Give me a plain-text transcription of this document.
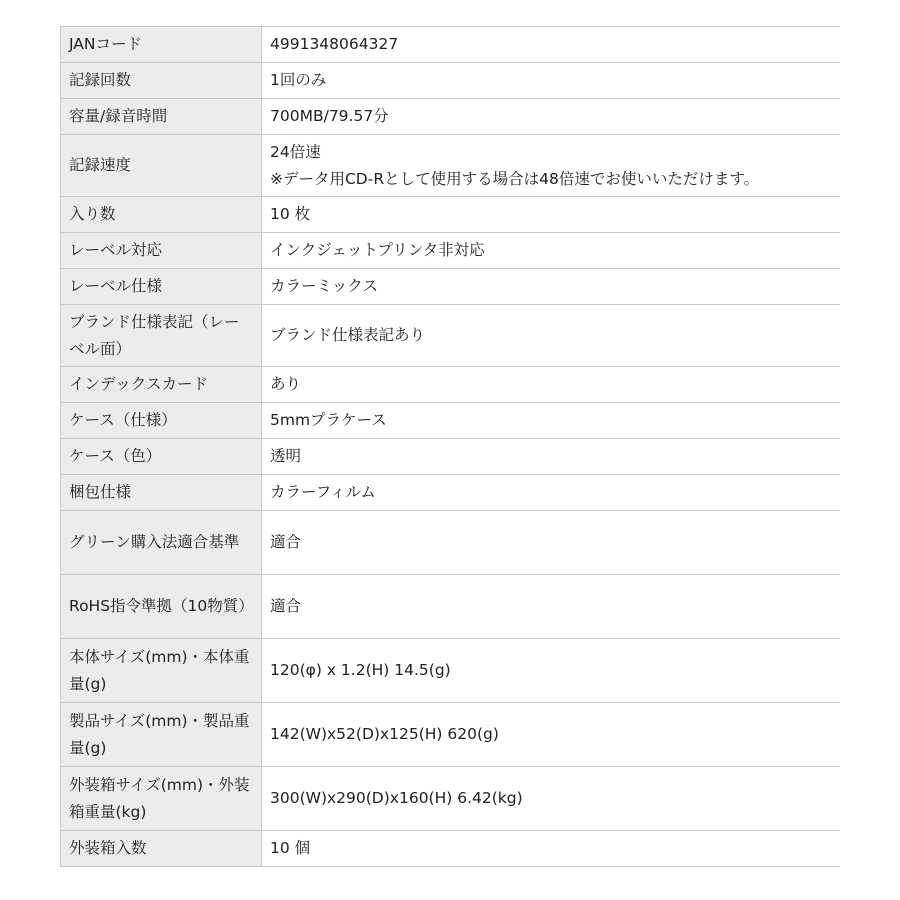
JANコード	4991348064327
記録回数	1回のみ
容量/録音時間	700MB/79.57分
記録速度	24倍速
※データ用CD-Rとして使用する場合は48倍速でお使いいただけます。

入り数	10 枚
レーベル対応	インクジェットプリンタ非対応
レーベル仕様	カラーミックス
ブランド仕様表記（レーベル面）	ブランド仕様表記あり
インデックスカード	あり
ケース（仕様）	5mmプラケース
ケース（色）	透明
梱包仕様	カラーフィルム
グリーン購入法適合基準	適合
RoHS指令準拠（10物質）	適合
本体サイズ(mm)・本体重量(g)	120(φ) x 1.2(H) 14.5(g)
製品サイズ(mm)・製品重量(g)	142(W)x52(D)x125(H) 620(g)
外装箱サイズ(mm)・外装箱重量(kg)	300(W)x290(D)x160(H) 6.42(kg)
外装箱入数	10 個
